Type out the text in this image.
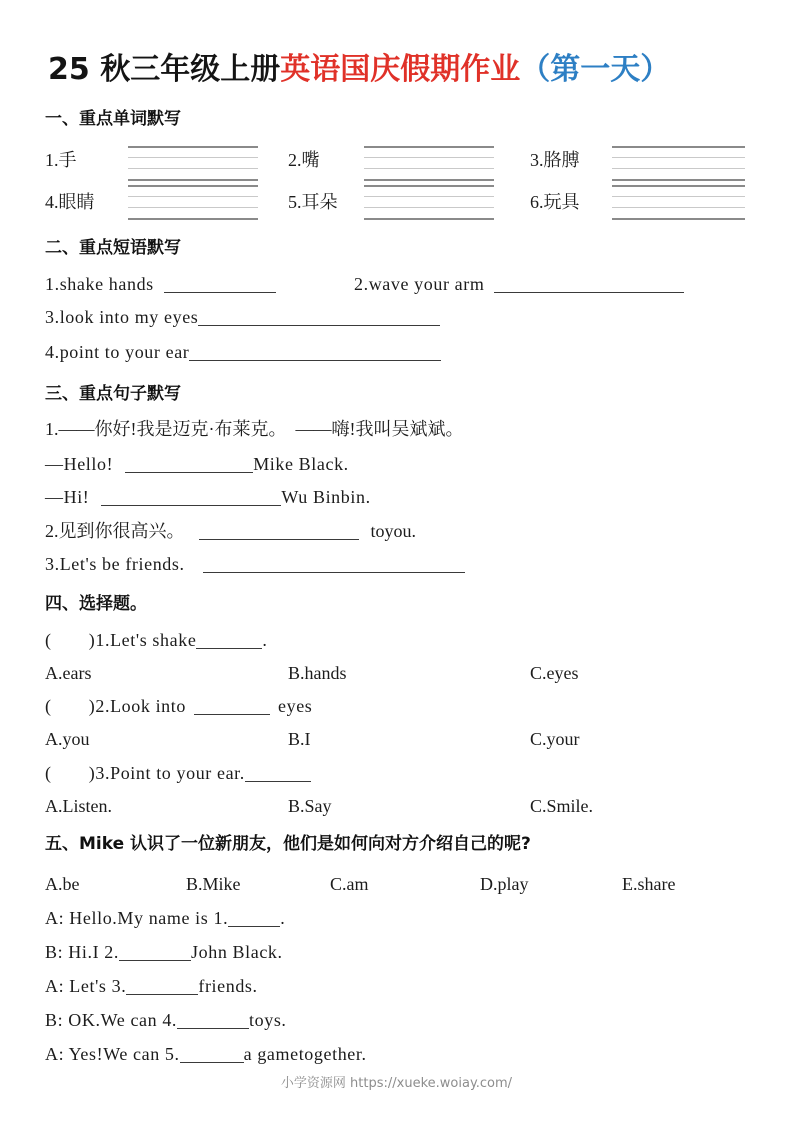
25 秋三年级上册英语国庆假期作业（第一天）
一、重点单词默写
1.手	2.嘴	3.胳膊
4.眼睛	5.耳朵	6.玩具
二、重点短语默写
1.shake hands	2.wave your arm
3.look into my eyes
4.point to your ear
三、重点句子默写
1.——你好!我是迈克·布莱克。　——嗨!我叫吴斌斌。
—Hello!	Mike Black.
—Hi!	Wu Binbin.
2.见到你很高兴。	toyou.
3.Let's be friends.
四、选择题。
(　　)1.Let's shake	.
A.ears	B.hands	C.eyes
(　　)2.Look into	eyes
A.you	B.I	C.your
(　　)3.Point to your ear.
A.Listen.	B.Say	C.Smile.
五、Mike 认识了一位新朋友，他们是如何向对方介绍自己的呢?
A.be	B.Mike	C.am	D.play	E.share
A: Hello.My name is 1.	.
B: Hi.I 2.	John Black.
A: Let's 3.	friends.
B: OK.We can 4.	toys.
A: Yes!We can 5.	a gametogether.
小学资源网 https://xueke.woiay.com/
